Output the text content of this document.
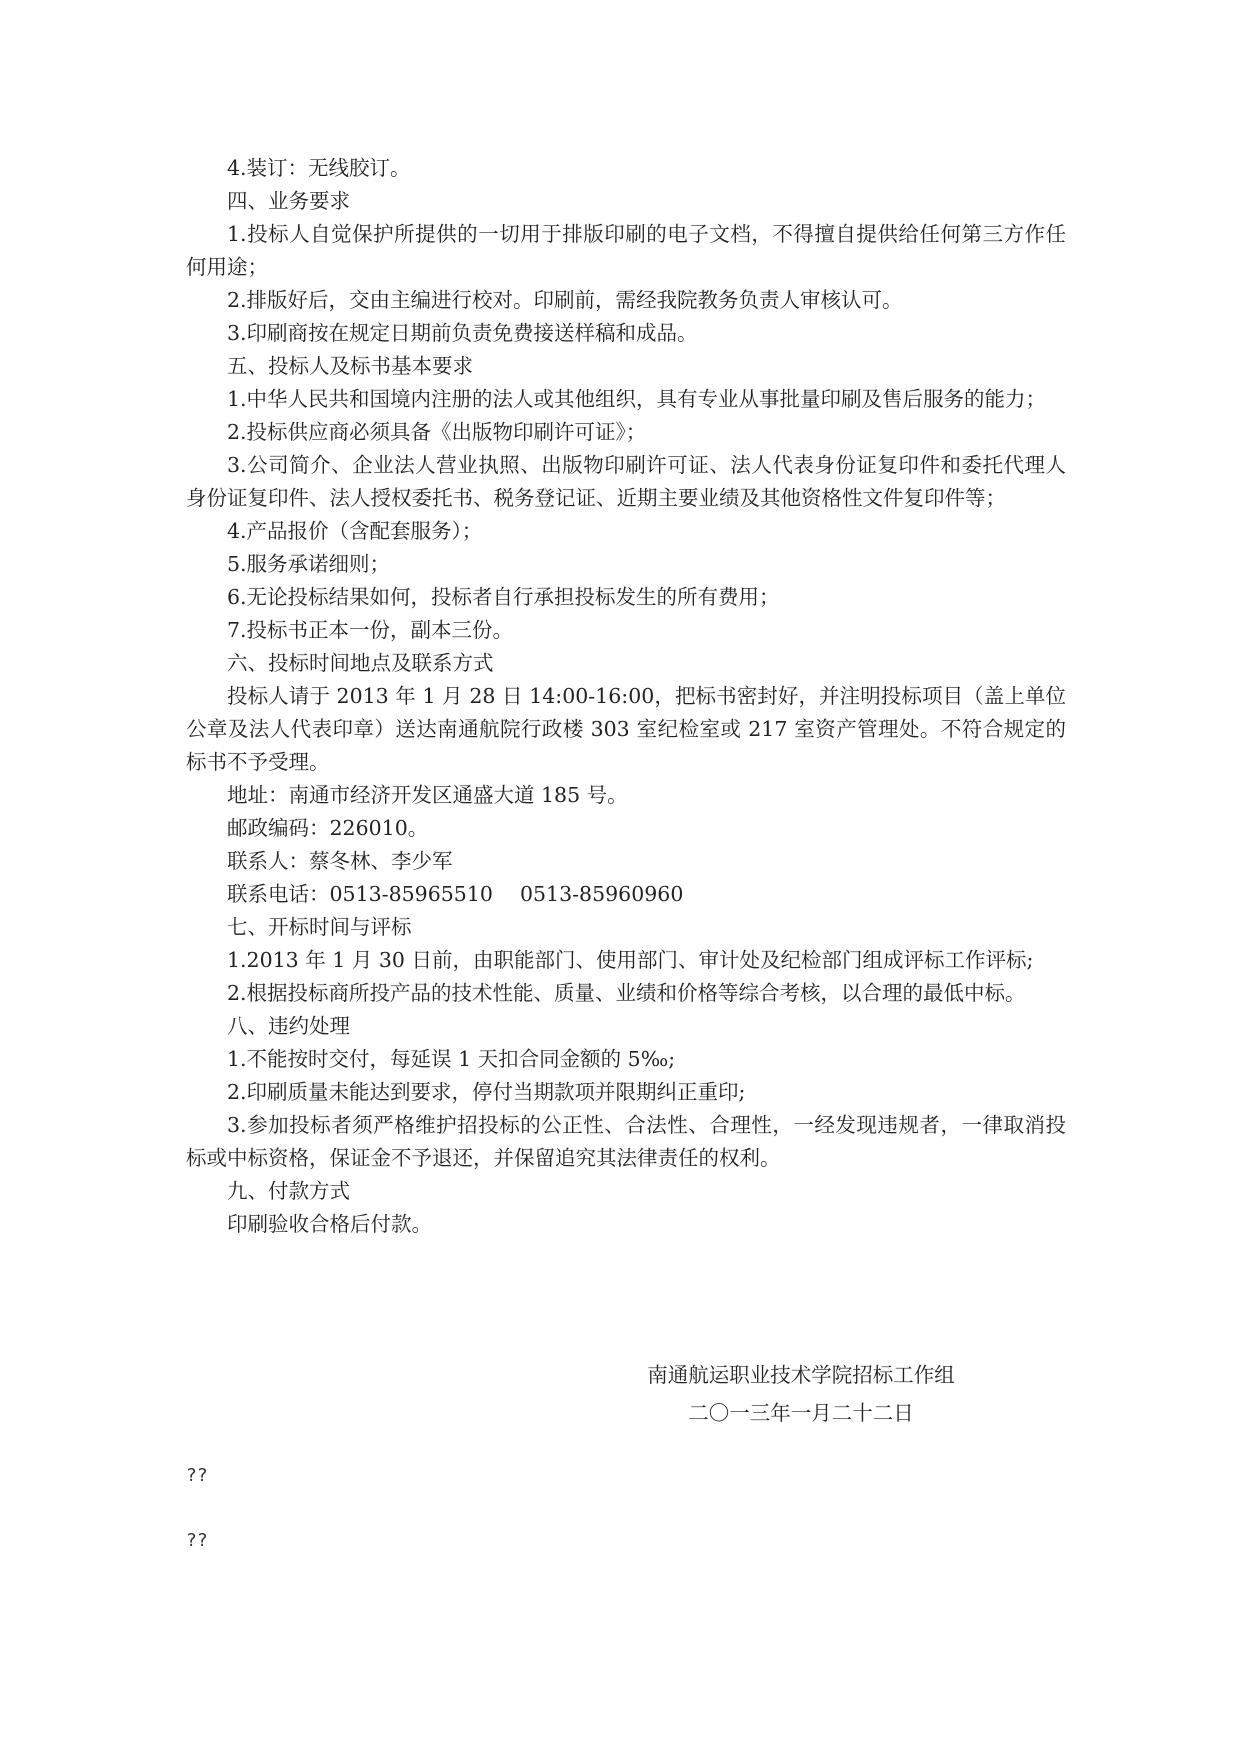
4.装订：无线胶订。

四、业务要求

1.投标人自觉保护所提供的一切用于排版印刷的电子文档，不得擅自提供给任何第三方作任何用途；

2.排版好后，交由主编进行校对。印刷前，需经我院教务负责人审核认可。

3.印刷商按在规定日期前负责免费接送样稿和成品。

五、投标人及标书基本要求

1.中华人民共和国境内注册的法人或其他组织，具有专业从事批量印刷及售后服务的能力；

2.投标供应商必须具备《出版物印刷许可证》；

3.公司简介、企业法人营业执照、出版物印刷许可证、法人代表身份证复印件和委托代理人身份证复印件、法人授权委托书、税务登记证、近期主要业绩及其他资格性文件复印件等；

4.产品报价（含配套服务）；

5.服务承诺细则；

6.无论投标结果如何，投标者自行承担投标发生的所有费用；

7.投标书正本一份，副本三份。

六、投标时间地点及联系方式

投标人请于 2013 年 1 月 28 日 14:00-16:00，把标书密封好，并注明投标项目（盖上单位公章及法人代表印章）送达南通航院行政楼 303 室纪检室或 217 室资产管理处。不符合规定的标书不予受理。

地址：南通市经济开发区通盛大道 185 号。

邮政编码：226010。

联系人：蔡冬林、李少军

联系电话：0513-85965510　 0513-85960960

七、开标时间与评标

1.2013 年 1 月 30 日前，由职能部门、使用部门、审计处及纪检部门组成评标工作评标;

2.根据投标商所投产品的技术性能、质量、业绩和价格等综合考核，以合理的最低中标。

八、违约处理

1.不能按时交付，每延误 1 天扣合同金额的 5‰;

2.印刷质量未能达到要求，停付当期款项并限期纠正重印;

3.参加投标者须严格维护招投标的公正性、合法性、合理性，一经发现违规者，一律取消投标或中标资格，保证金不予退还，并保留追究其法律责任的权利。

九、付款方式

印刷验收合格后付款。

南通航运职业技术学院招标工作组
二〇一三年一月二十二日
??
??
